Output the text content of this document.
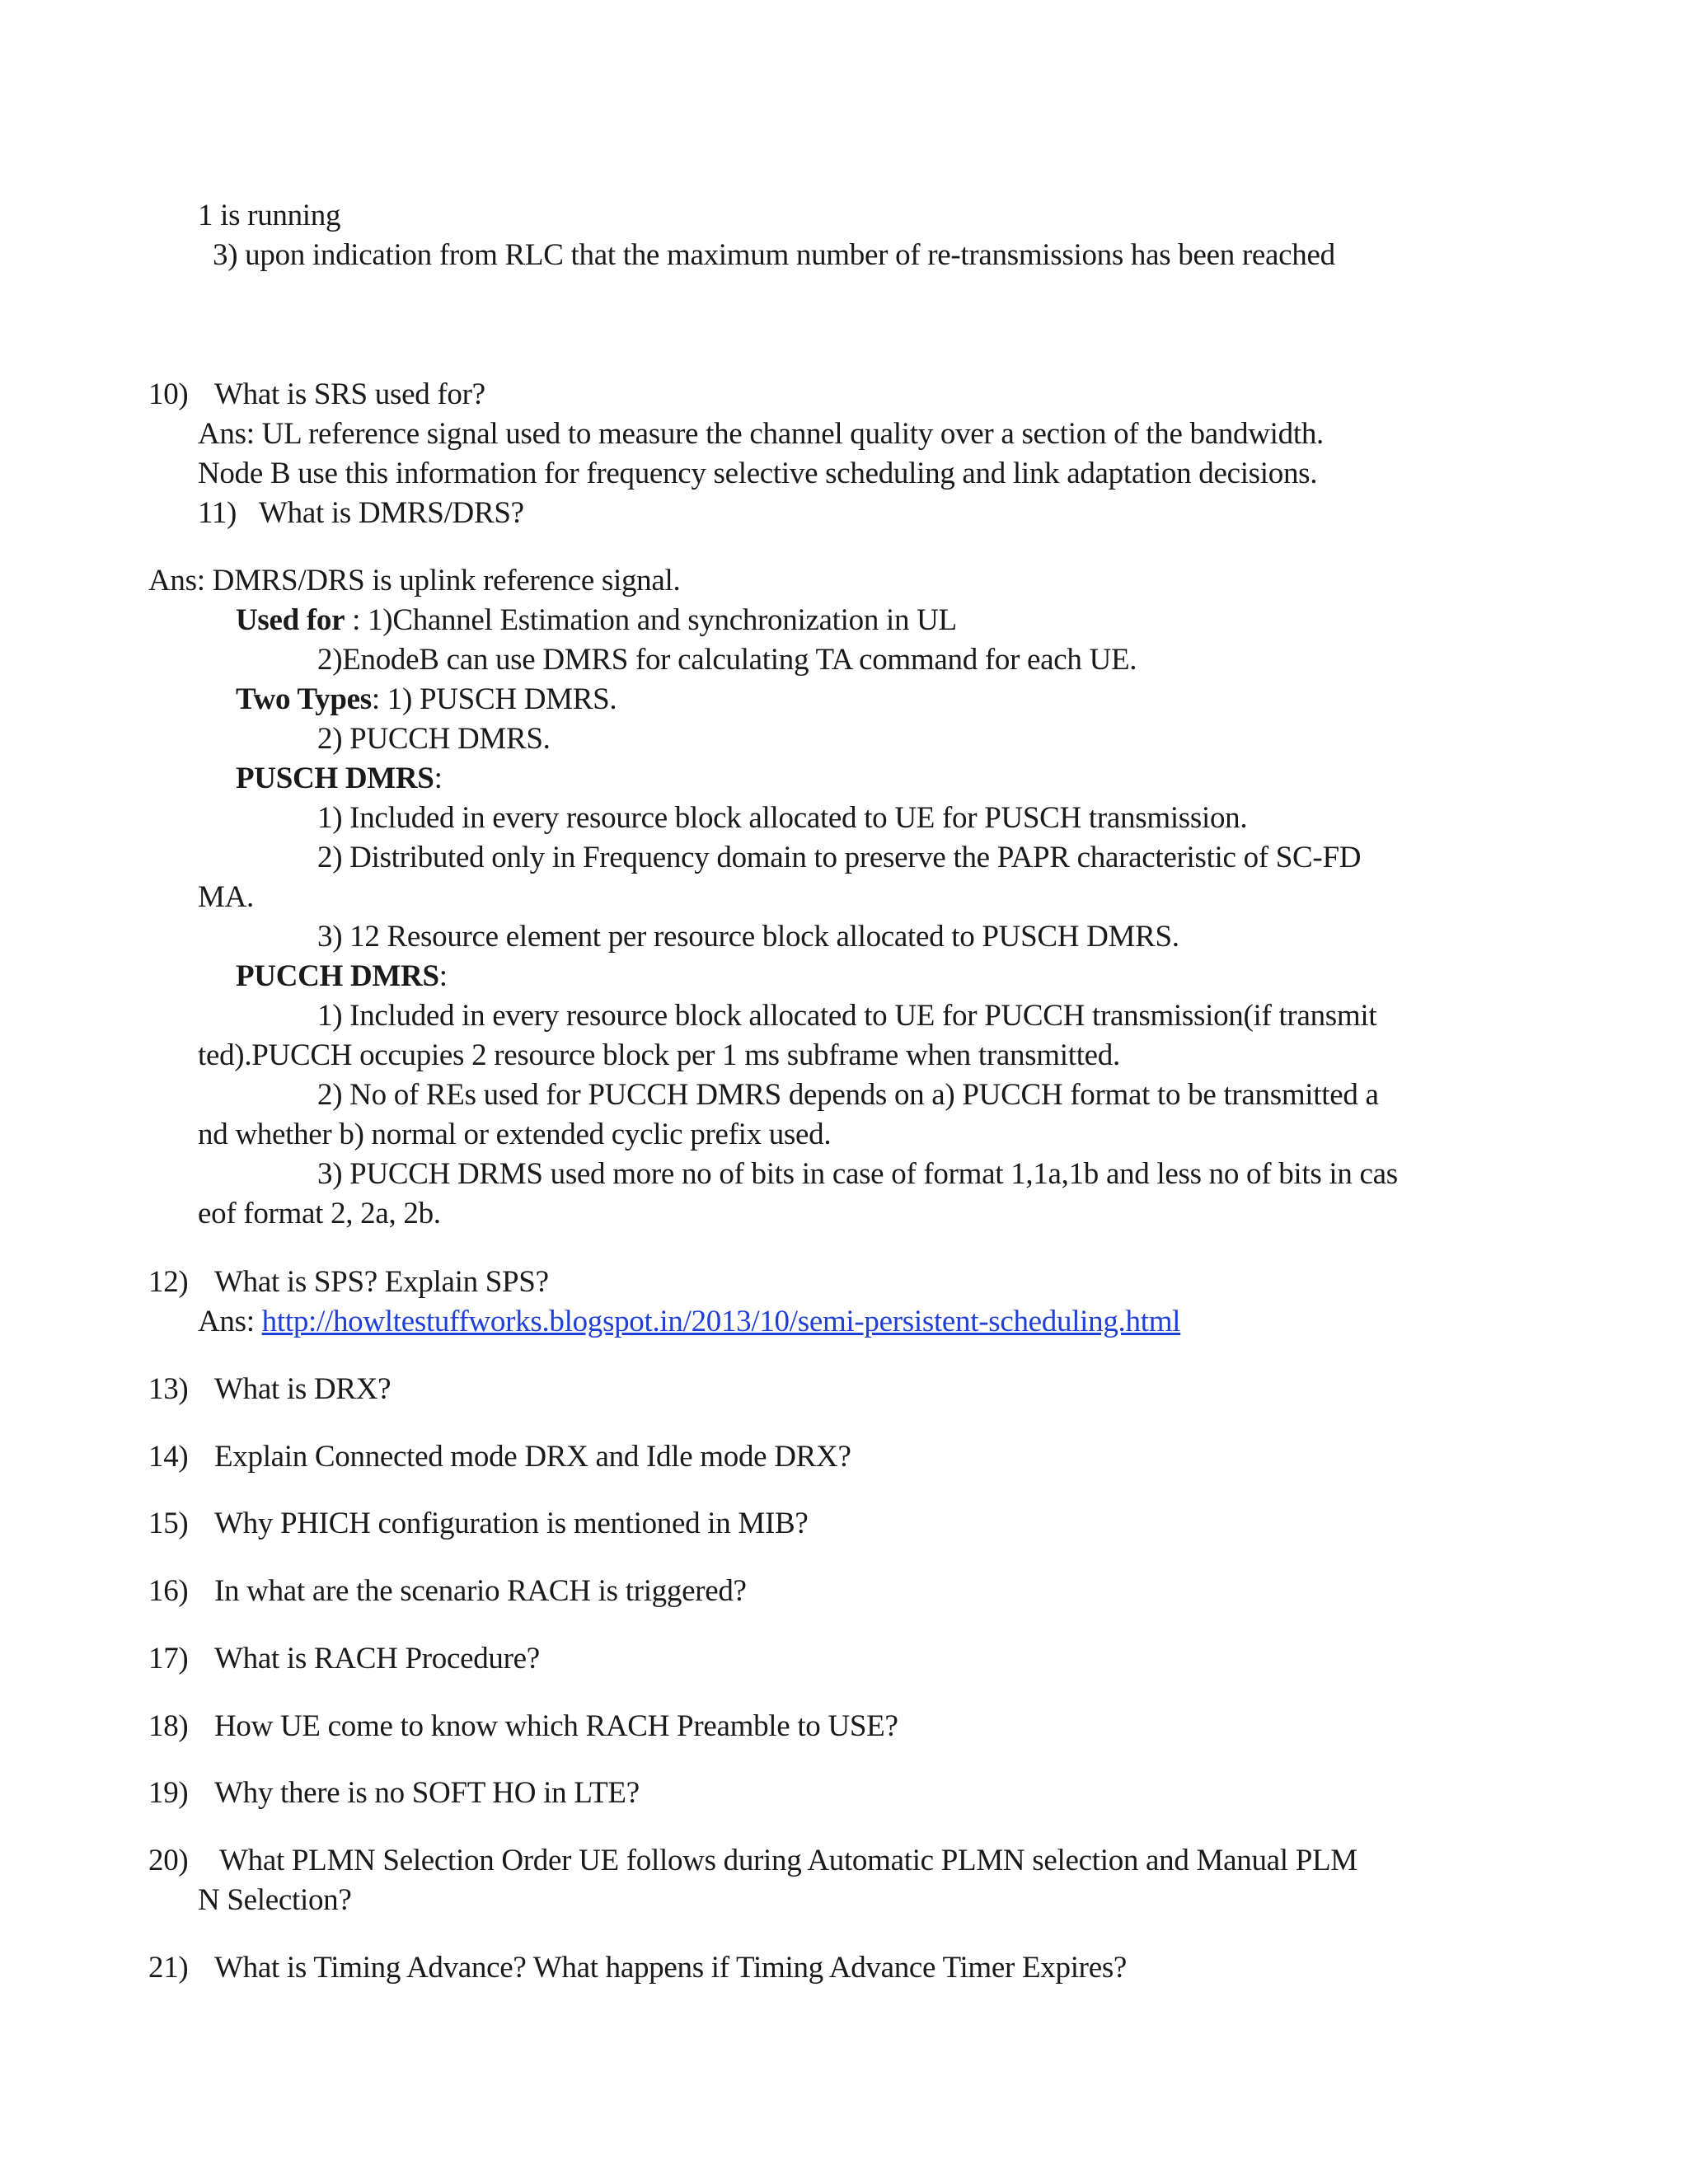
1 is running
3) upon indication from RLC that the maximum number of re-transmissions has been reached
10) What is SRS used for?
Ans: UL reference signal used to measure the channel quality over a section of the bandwidth.
Node B use this information for frequency selective scheduling and link adaptation decisions.
11) What is DMRS/DRS?
Ans: DMRS/DRS is uplink reference signal.
Used for : 1)Channel Estimation and synchronization in UL
2)EnodeB can use DMRS for calculating TA command for each UE.
Two Types: 1) PUSCH DMRS.
2) PUCCH DMRS.
PUSCH DMRS:
1) Included in every resource block allocated to UE for PUSCH transmission.
2) Distributed only in Frequency domain to preserve the PAPR characteristic of SC-FD
MA.
3) 12 Resource element per resource block allocated to PUSCH DMRS.
PUCCH DMRS:
1) Included in every resource block allocated to UE for PUCCH transmission(if transmit
ted).PUCCH occupies 2 resource block per 1 ms subframe when transmitted.
2) No of REs used for PUCCH DMRS depends on a) PUCCH format to be transmitted a
nd whether b) normal or extended cyclic prefix used.
3) PUCCH DRMS used more no of bits in case of format 1,1a,1b and less no of bits in cas
eof format 2, 2a, 2b.
12) What is SPS? Explain SPS?
Ans: http://howltestuffworks.blogspot.in/2013/10/semi-persistent-scheduling.html
13) What is DRX?
14) Explain Connected mode DRX and Idle mode DRX?
15) Why PHICH configuration is mentioned in MIB?
16) In what are the scenario RACH is triggered?
17) What is RACH Procedure?
18) How UE come to know which RACH Preamble to USE?
19) Why there is no SOFT HO in LTE?
20) What PLMN Selection Order UE follows during Automatic PLMN selection and Manual PLM
N Selection?
21) What is Timing Advance? What happens if Timing Advance Timer Expires?
